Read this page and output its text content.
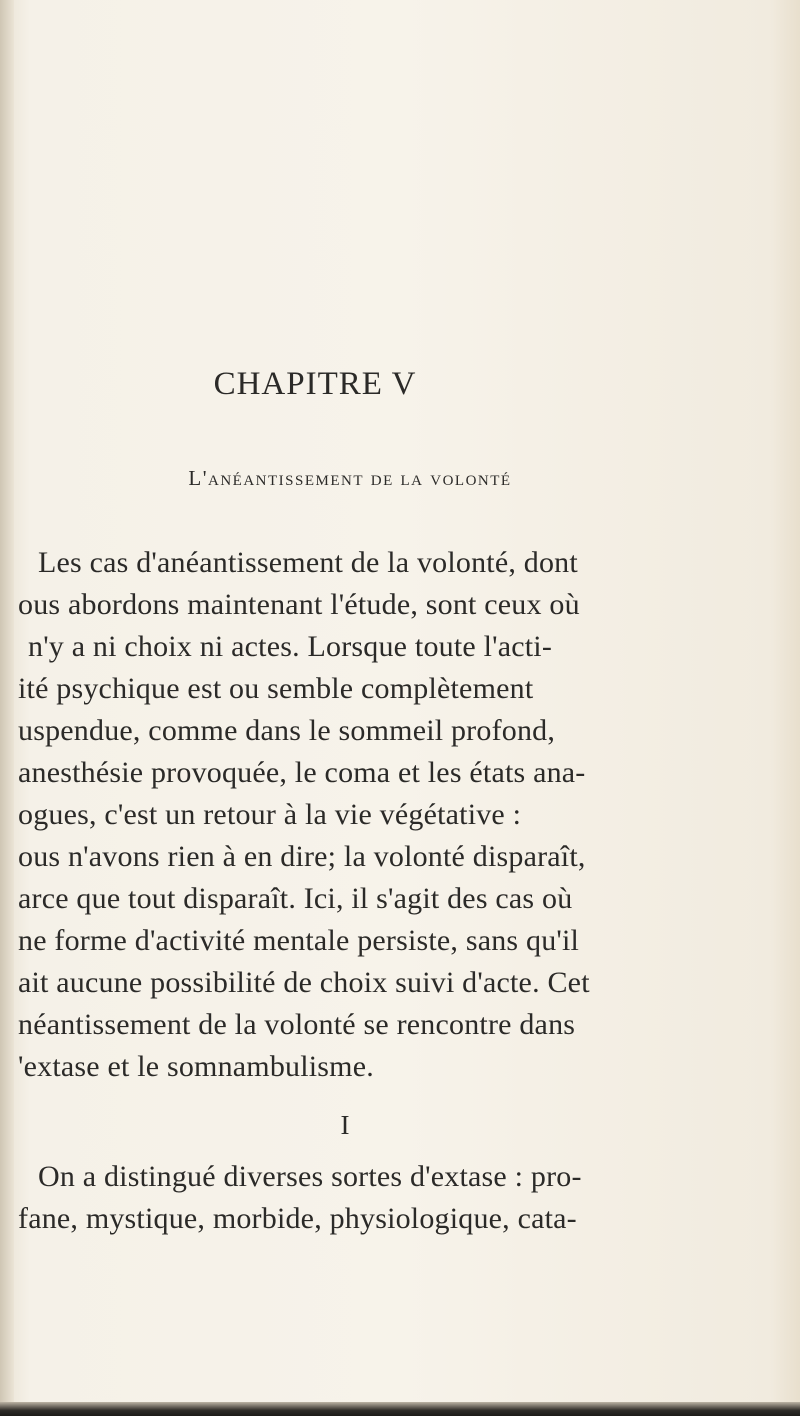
CHAPITRE V
L'anéantissement de la volonté
Les cas d'anéantissement de la volonté, dont
ous abordons maintenant l'étude, sont ceux où
n'y a ni choix ni actes. Lorsque toute l'acti-
ité psychique est ou semble complètement
uspendue, comme dans le sommeil profond,
anesthésie provoquée, le coma et les états ana-
ogues, c'est un retour à la vie végétative :
ous n'avons rien à en dire; la volonté disparaît,
arce que tout disparaît. Ici, il s'agit des cas où
ne forme d'activité mentale persiste, sans qu'il
ait aucune possibilité de choix suivi d'acte. Cet
néantissement de la volonté se rencontre dans
'extase et le somnambulisme.
I
On a distingué diverses sortes d'extase : pro-
fane, mystique, morbide, physiologique, cata-
